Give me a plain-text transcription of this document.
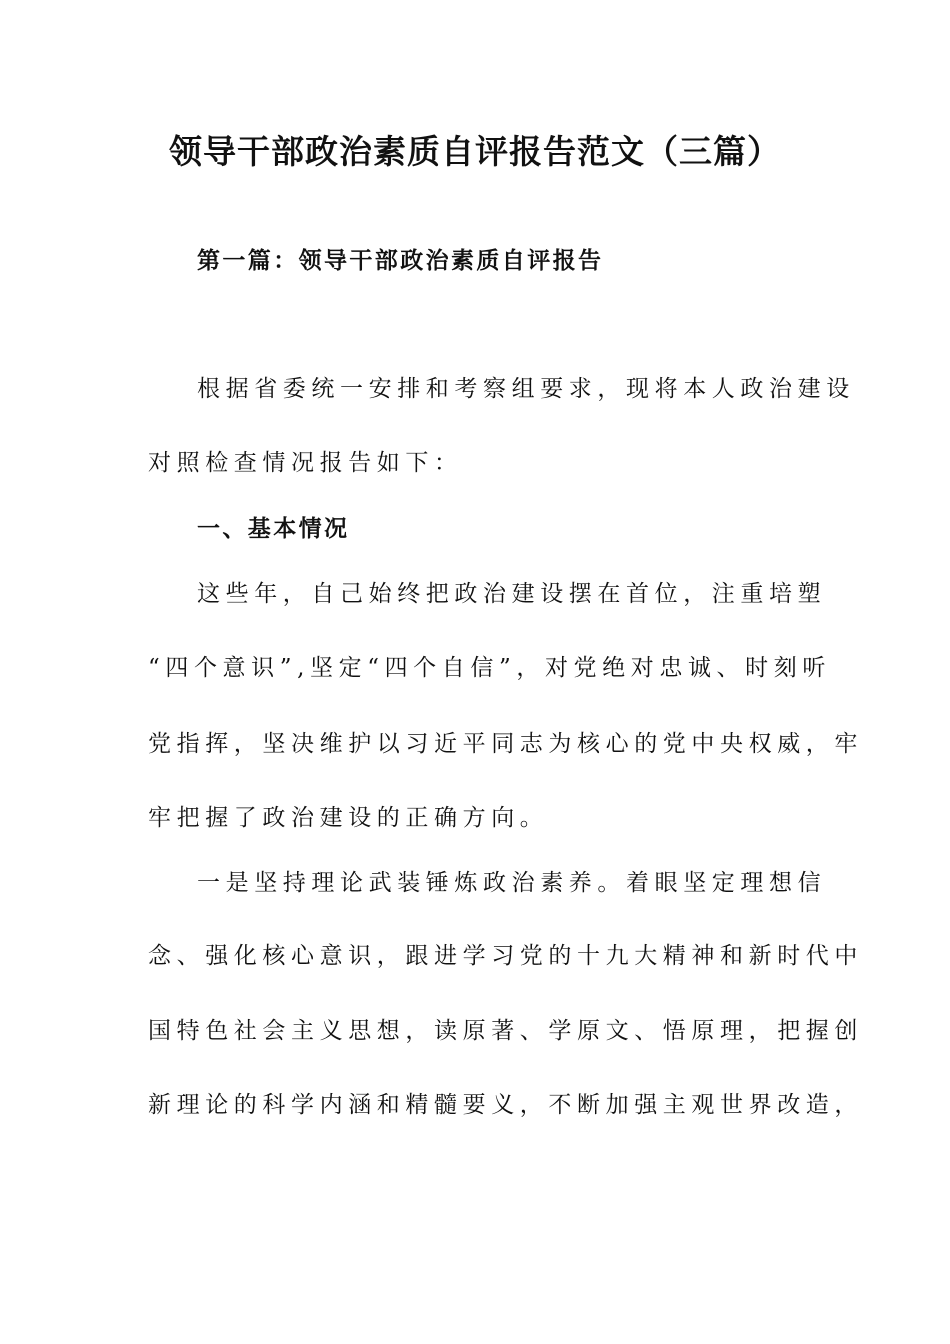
领导干部政治素质自评报告范文（三篇）
第一篇：领导干部政治素质自评报告
根据省委统一安排和考察组要求，现将本人政治建设
对照检查情况报告如下：
一、基本情况
这些年，自己始终把政治建设摆在首位，注重培塑
“四个意识”,坚定“四个自信”，对党绝对忠诚、时刻听
党指挥，坚决维护以习近平同志为核心的党中央权威，牢
牢把握了政治建设的正确方向。
一是坚持理论武装锤炼政治素养。着眼坚定理想信
念、强化核心意识，跟进学习党的十九大精神和新时代中
国特色社会主义思想，读原著、学原文、悟原理，把握创
新理论的科学内涵和精髓要义，不断加强主观世界改造，
